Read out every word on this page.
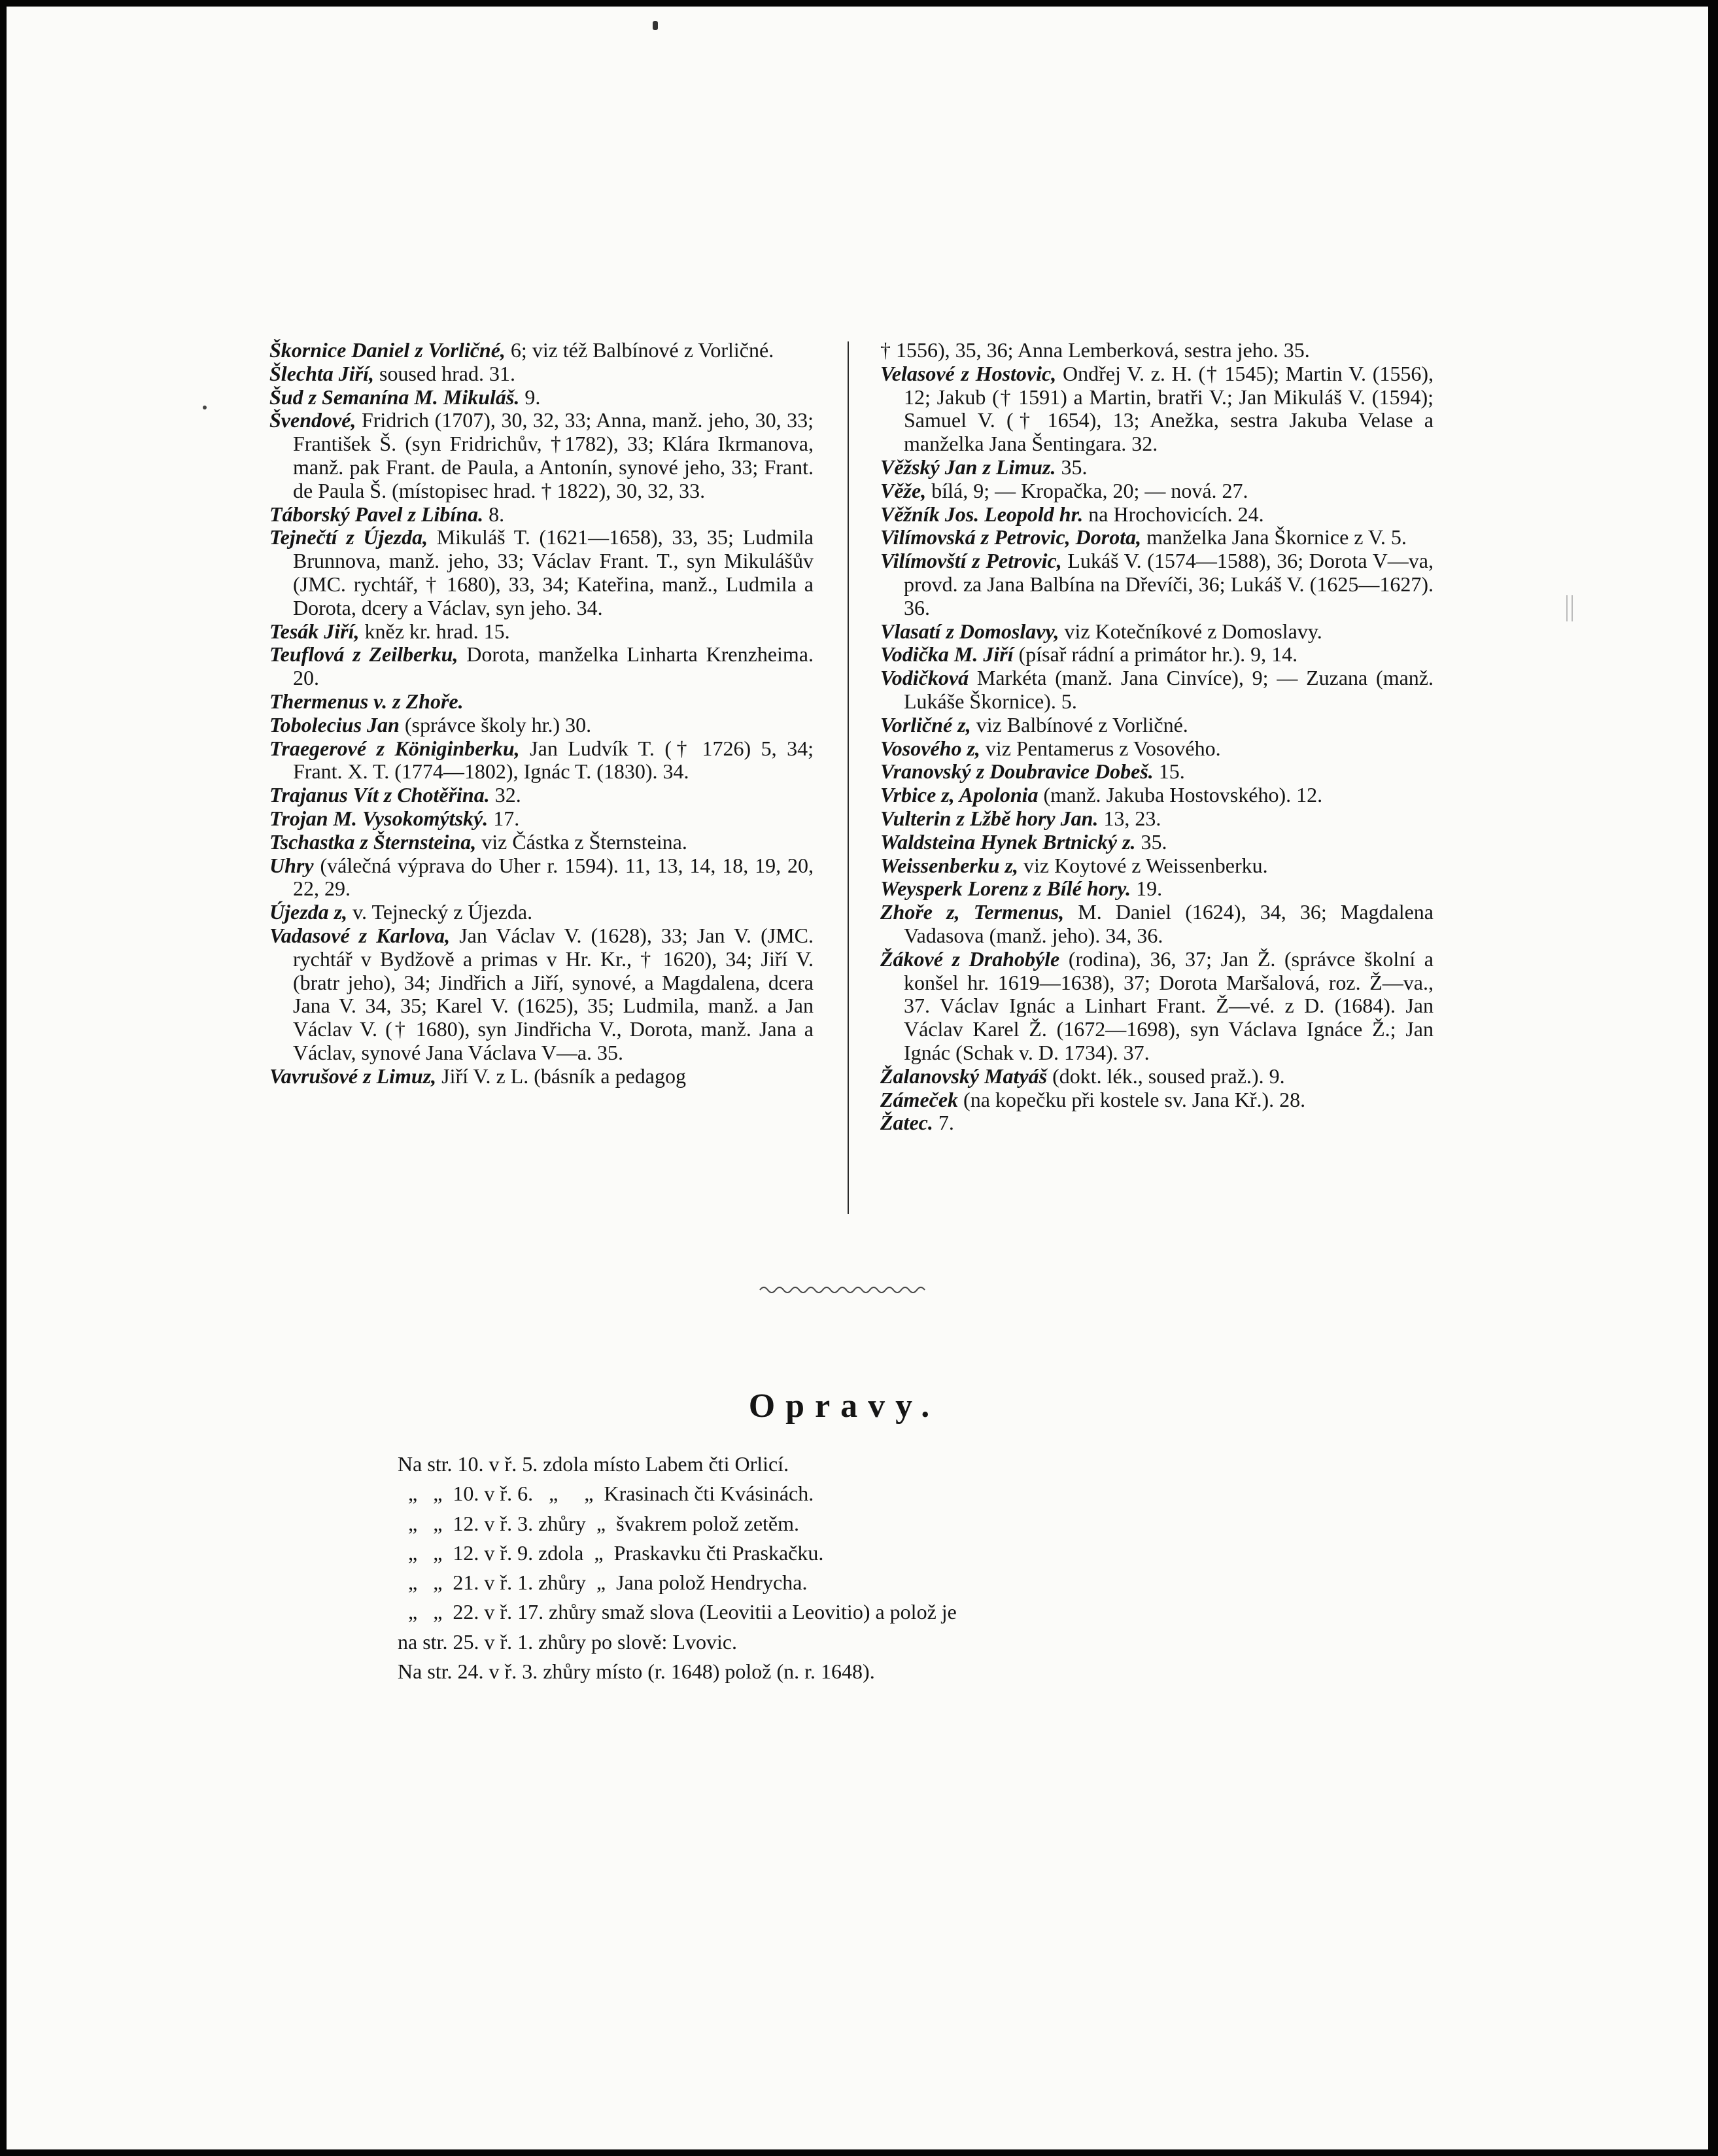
Škornice Daniel z Vorličné, 6; viz též Balbínové z Vorličné.

Šlechta Jiří, soused hrad. 31.

Šud z Semanína M. Mikuláš. 9.

Švendové, Fridrich (1707), 30, 32, 33; Anna, manž. jeho, 30, 33; František Š. (syn Fridrichův, †1782), 33; Klára Ikrmanova, manž. pak Frant. de Paula, a Antonín, synové jeho, 33; Frant. de Paula Š. (místopisec hrad. † 1822), 30, 32, 33.

Táborský Pavel z Libína. 8.

Tejnečtí z Újezda, Mikuláš T. (1621—1658), 33, 35; Ludmila Brunnova, manž. jeho, 33; Václav Frant. T., syn Mikulášův (JMC. rychtář, † 1680), 33, 34; Kateřina, manž., Ludmila a Dorota, dcery a Václav, syn jeho. 34.

Tesák Jiří, kněz kr. hrad. 15.

Teuflová z Zeilberku, Dorota, manželka Linharta Krenzheima. 20.

Thermenus v. z Zhoře.

Tobolecius Jan (správce školy hr.) 30.

Traegerové z Königinberku, Jan Ludvík T. († 1726) 5, 34; Frant. X. T. (1774—1802), Ignác T. (1830). 34.

Trajanus Vít z Chotěřina. 32.

Trojan M. Vysokomýtský. 17.

Tschastka z Šternsteina, viz Částka z Šternsteina.

Uhry (válečná výprava do Uher r. 1594). 11, 13, 14, 18, 19, 20, 22, 29.

Újezda z, v. Tejnecký z Újezda.

Vadasové z Karlova, Jan Václav V. (1628), 33; Jan V. (JMC. rychtář v Bydžově a primas v Hr. Kr., † 1620), 34; Jiří V. (bratr jeho), 34; Jindřich a Jiří, synové, a Magdalena, dcera Jana V. 34, 35; Karel V. (1625), 35; Ludmila, manž. a Jan Václav V. († 1680), syn Jindřicha V., Dorota, manž. Jana a Václav, synové Jana Václava V—a. 35.

Vavrušové z Limuz, Jiří V. z L. (básník a pedagog

† 1556), 35, 36; Anna Lemberková, sestra jeho. 35.

Velasové z Hostovic, Ondřej V. z. H. († 1545); Martin V. (1556), 12; Jakub († 1591) a Martin, bratři V.; Jan Mikuláš V. (1594); Samuel V. († 1654), 13; Anežka, sestra Jakuba Velase a manželka Jana Šentingara. 32.

Věžský Jan z Limuz. 35.

Věže, bílá, 9; — Kropačka, 20; — nová. 27.

Věžník Jos. Leopold hr. na Hrochovicích. 24.

Vilímovská z Petrovic, Dorota, manželka Jana Škornice z V. 5.

Vilímovští z Petrovic, Lukáš V. (1574—1588), 36; Dorota V—va, provd. za Jana Balbína na Dřevíči, 36; Lukáš V. (1625—1627). 36.

Vlasatí z Domoslavy, viz Kotečníkové z Domoslavy.

Vodička M. Jiří (písař rádní a primátor hr.). 9, 14.

Vodičková Markéta (manž. Jana Cinvíce), 9; — Zuzana (manž. Lukáše Škornice). 5.

Vorličné z, viz Balbínové z Vorličné.

Vosového z, viz Pentamerus z Vosového.

Vranovský z Doubravice Dobeš. 15.

Vrbice z, Apolonia (manž. Jakuba Hostovského). 12.

Vulterin z Lžbě hory Jan. 13, 23.

Waldsteina Hynek Brtnický z. 35.

Weissenberku z, viz Koytové z Weissenberku.

Weysperk Lorenz z Bílé hory. 19.

Zhoře z, Termenus, M. Daniel (1624), 34, 36; Magdalena Vadasova (manž. jeho). 34, 36.

Žákové z Drahobýle (rodina), 36, 37; Jan Ž. (správce školní a konšel hr. 1619—1638), 37; Dorota Maršalová, roz. Ž—va., 37. Václav Ignác a Linhart Frant. Ž—vé. z D. (1684). Jan Václav Karel Ž. (1672—1698), syn Václava Ignáce Ž.; Jan Ignác (Schak v. D. 1734). 37.

Žalanovský Matyáš (dokt. lék., soused praž.). 9.

Zámeček (na kopečku při kostele sv. Jana Kř.). 28.

Žatec. 7.

Opravy.
Na str. 10. v ř. 5. zdola místo Labem čti Orlicí.
„   „  10. v ř. 6.   „     „  Krasinach čti Kvásinách.
„   „  12. v ř. 3. zhůry  „  švakrem polož zetěm.
„   „  12. v ř. 9. zdola  „  Praskavku čti Praskačku.
„   „  21. v ř. 1. zhůry  „  Jana polož Hendrycha.
„   „  22. v ř. 17. zhůry smaž slova (Leovitii a Leovitio) a polož je
na str. 25. v ř. 1. zhůry po slově: Lvovic.
Na str. 24. v ř. 3. zhůry místo (r. 1648) polož (n. r. 1648).
